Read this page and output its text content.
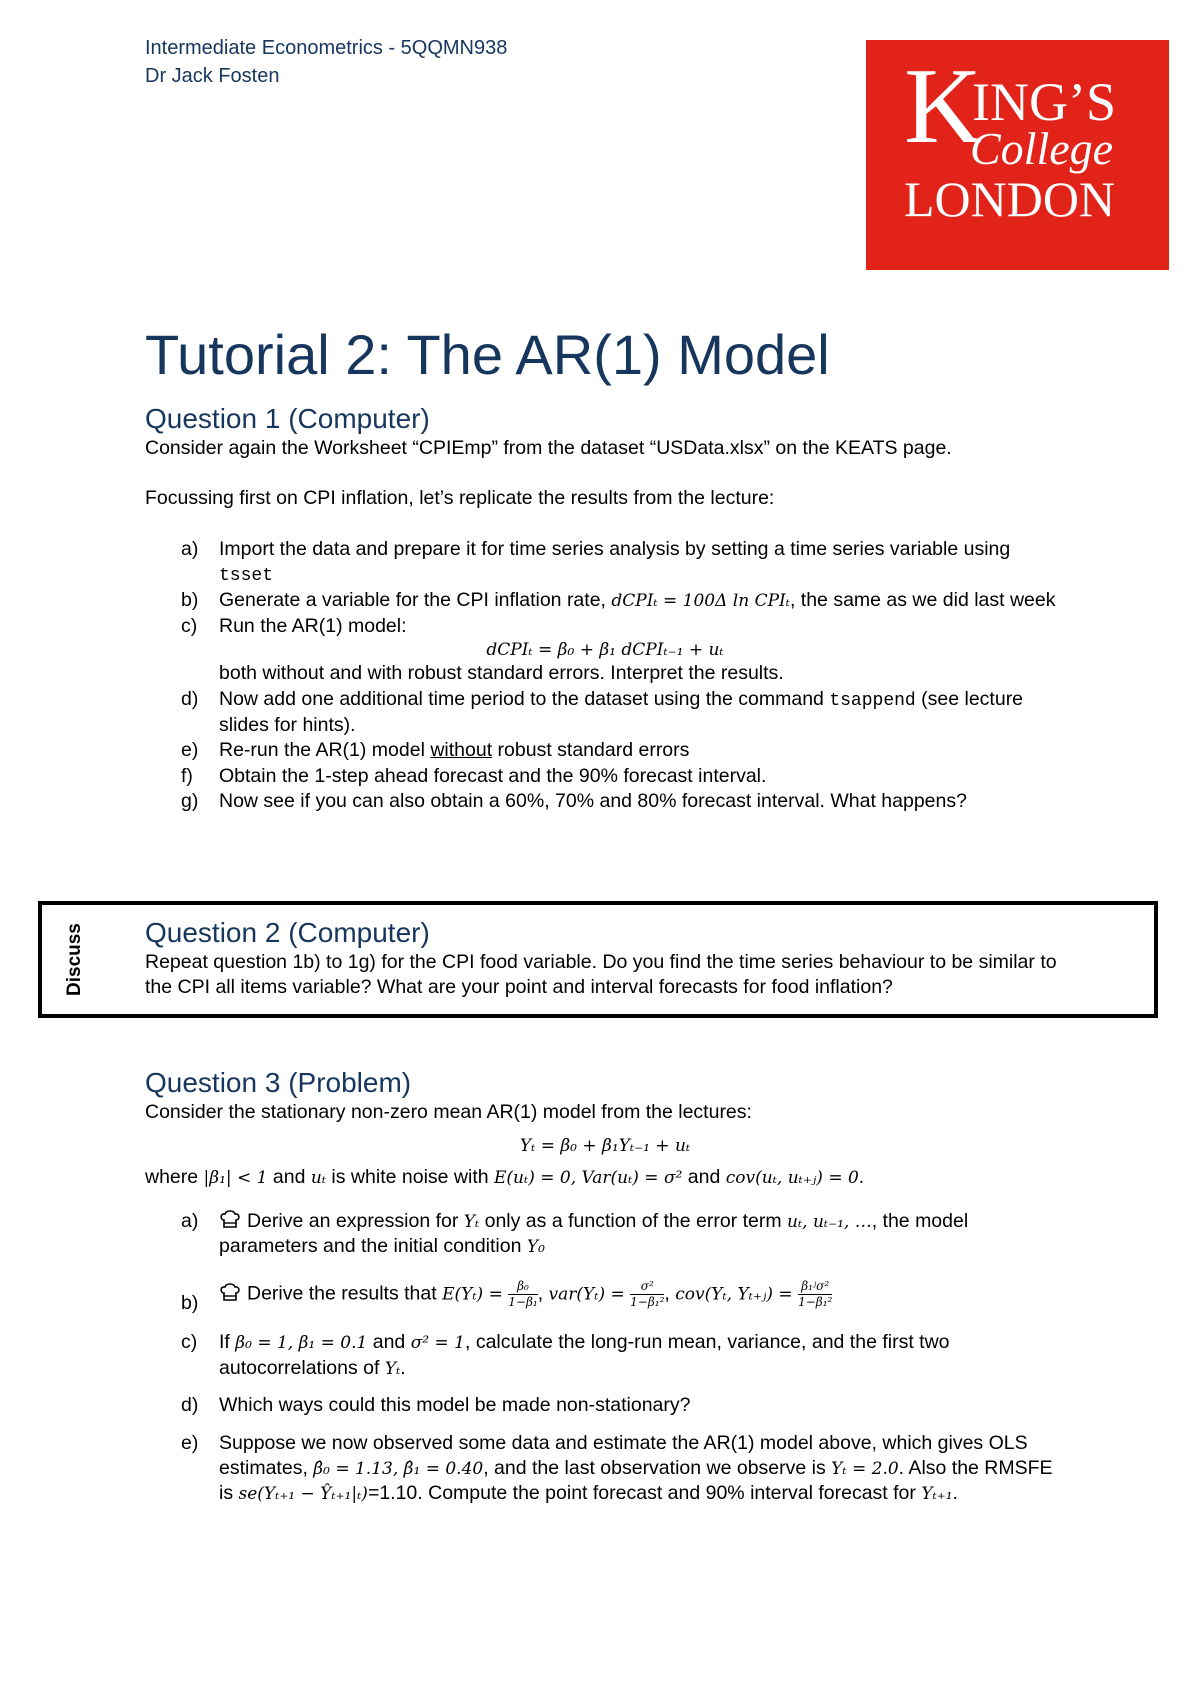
Intermediate Econometrics - 5QQMN938
Dr Jack Fosten	K
ING’S
College
LONDON
Tutorial 2: The AR(1) Model
Question 1 (Computer)

Consider again the Worksheet “CPIEmp” from the dataset “USData.xlsx” on the KEATS page.

Focussing first on CPI inflation, let’s replicate the results from the lecture:

a) Import the data and prepare it for time series analysis by setting a time series variable using tsset
b) Generate a variable for the CPI inflation rate, dCPIₜ = 100Δ ln CPIₜ, the same as we did last week
c) Run the AR(1) model:
dCPIₜ = β₀ + β₁ dCPIₜ₋₁ + uₜ
both without and with robust standard errors. Interpret the results.
d) Now add one additional time period to the dataset using the command tsappend (see lecture slides for hints).
e) Re-run the AR(1) model without robust standard errors
f) Obtain the 1-step ahead forecast and the 90% forecast interval.
g) Now see if you can also obtain a 60%, 70% and 80% forecast interval. What happens?
Discuss Question 2 (Computer)

Repeat question 1b) to 1g) for the CPI food variable. Do you find the time series behaviour to be similar to the CPI all items variable? What are your point and interval forecasts for food inflation?

Question 3 (Problem)

Consider the stationary non-zero mean AR(1) model from the lectures:

Yₜ = β₀ + β₁Yₜ₋₁ + uₜ

where |β₁| < 1 and uₜ is white noise with E(uₜ) = 0, Var(uₜ) = σ² and cov(uₜ, uₜ₊ⱼ) = 0.

a) Derive an expression for Yₜ only as a function of the error term uₜ, uₜ₋₁, …, the model parameters and the initial condition Y₀
b) Derive the results that $E(Y_t) = \frac{\text{β₀}}{\text{1−β₁}}$ , $var(Y_t) = \frac{\text{σ²}}{\text{1−β₁²}}$ , cov(Yₜ, Yₜ₊ⱼ) = $\frac{\text{β₁ʲσ²}}{\text{1−β₁²}}$
c) If β₀ = 1, β₁ = 0.1 and σ² = 1, calculate the long-run mean, variance, and the first two autocorrelations of Yₜ.
d) Which ways could this model be made non-stationary?
e) Suppose we now observed some data and estimate the AR(1) model above, which gives OLS estimates, β̂₀ = 1.13, β̂₁ = 0.40, and the last observation we observe is Yₜ = 2.0. Also the RMSFE is se(Yₜ₊₁ − Ŷₜ₊₁|ₜ)=1.10. Compute the point forecast and 90% interval forecast for Yₜ₊₁.
